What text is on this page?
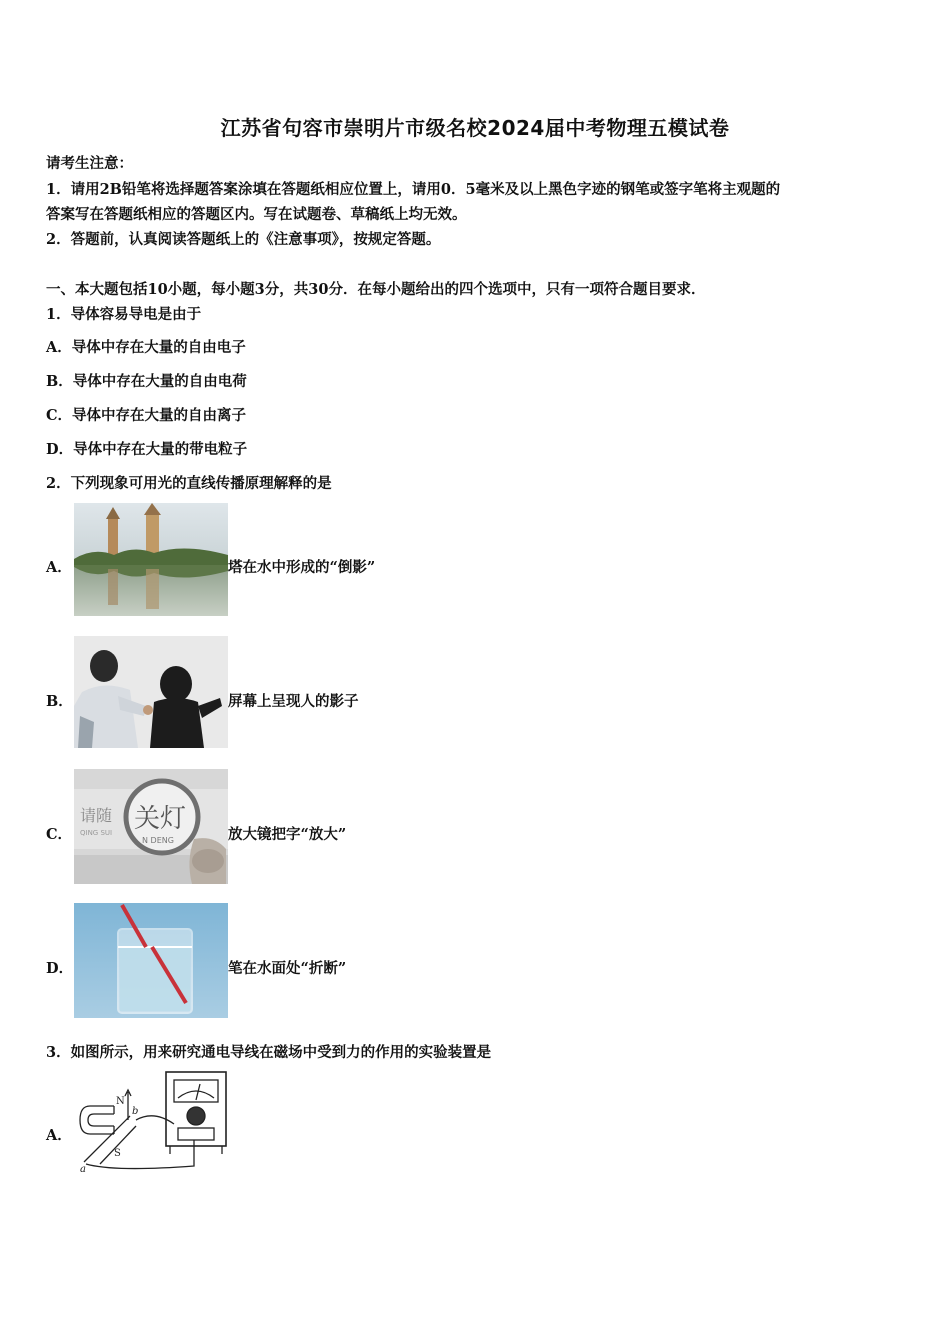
江苏省句容市崇明片市级名校2024届中考物理五模试卷
请考生注意：
1．请用2B铅笔将选择题答案涂填在答题纸相应位置上，请用0．5毫米及以上黑色字迹的钢笔或签字笔将主观题的
答案写在答题纸相应的答题区内。写在试题卷、草稿纸上均无效。
2．答题前，认真阅读答题纸上的《注意事项》，按规定答题。
一、本大题包括10小题，每小题3分，共30分．在每小题给出的四个选项中，只有一项符合题目要求．
1．导体容易导电是由于
A．导体中存在大量的自由电子
B．导体中存在大量的自由电荷
C．导体中存在大量的自由离子
D．导体中存在大量的带电粒子
2．下列现象可用光的直线传播原理解释的是
A．	塔在水中形成的“倒影”
B．	屏幕上呈现人的影子
C．
请随
QING SUI 关灯
N DENG	放大镜把字“放大”
D．	笔在水面处“折断”
3．如图所示，用来研究通电导线在磁场中受到力的作用的实验装置是
A．
N
S
a
b
